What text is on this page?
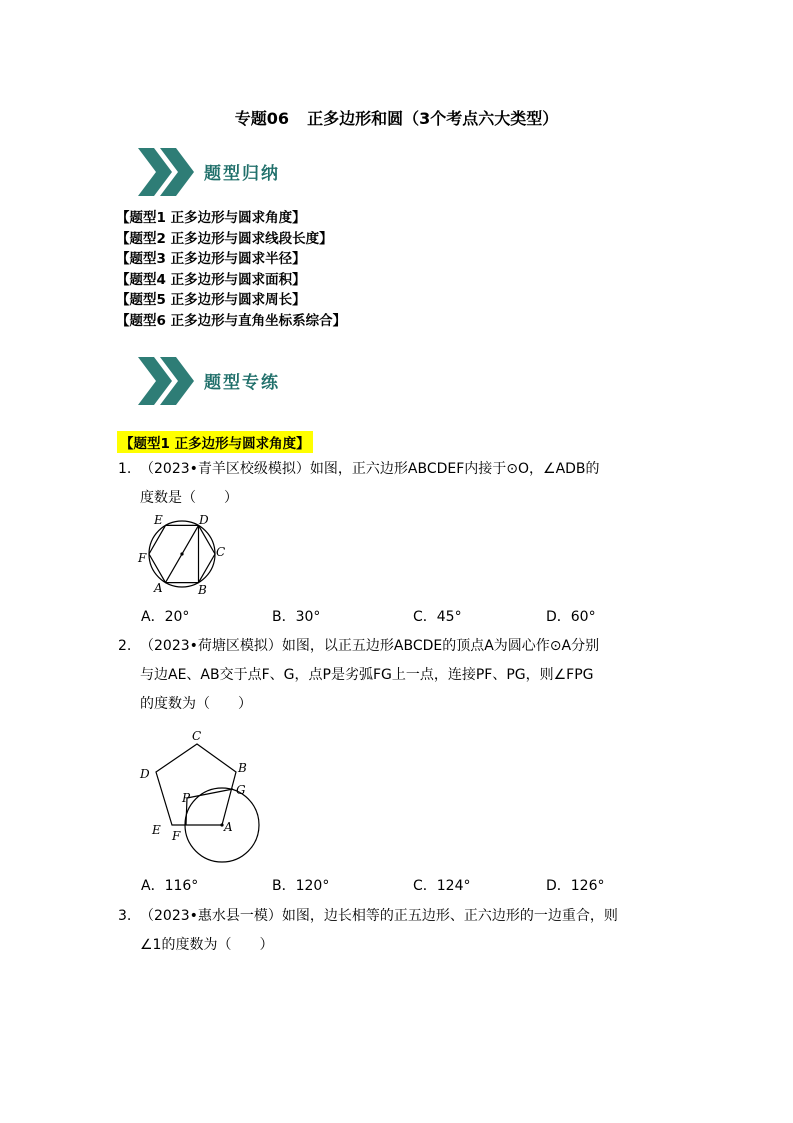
专题06 正多边形和圆（3个考点六大类型）
题型归纳
【题型1 正多边形与圆求角度】
【题型2 正多边形与圆求线段长度】
【题型3 正多边形与圆求半径】
【题型4 正多边形与圆求面积】
【题型5 正多边形与圆求周长】
【题型6 正多边形与直角坐标系综合】
题型专练
【题型1 正多边形与圆求角度】
1. （2023•青羊区校级模拟）如图，正六边形ABCDEF内接于⊙O，∠ADB的
度数是（　　）
E	D
C
F
A	B
A．20°	B．30°	C．45°	D．60°
2. （2023•荷塘区模拟）如图，以正五边形ABCDE的顶点A为圆心作⊙A分别
与边AE、AB交于点F、G，点P是劣弧FG上一点，连接PF、PG，则∠FPG
的度数为（　　）
C
D	B
G
P
E F
A
A．116°	B．120°	C．124°	D．126°
3. （2023•惠水县一模）如图，边长相等的正五边形、正六边形的一边重合，则
∠1的度数为（　　）
